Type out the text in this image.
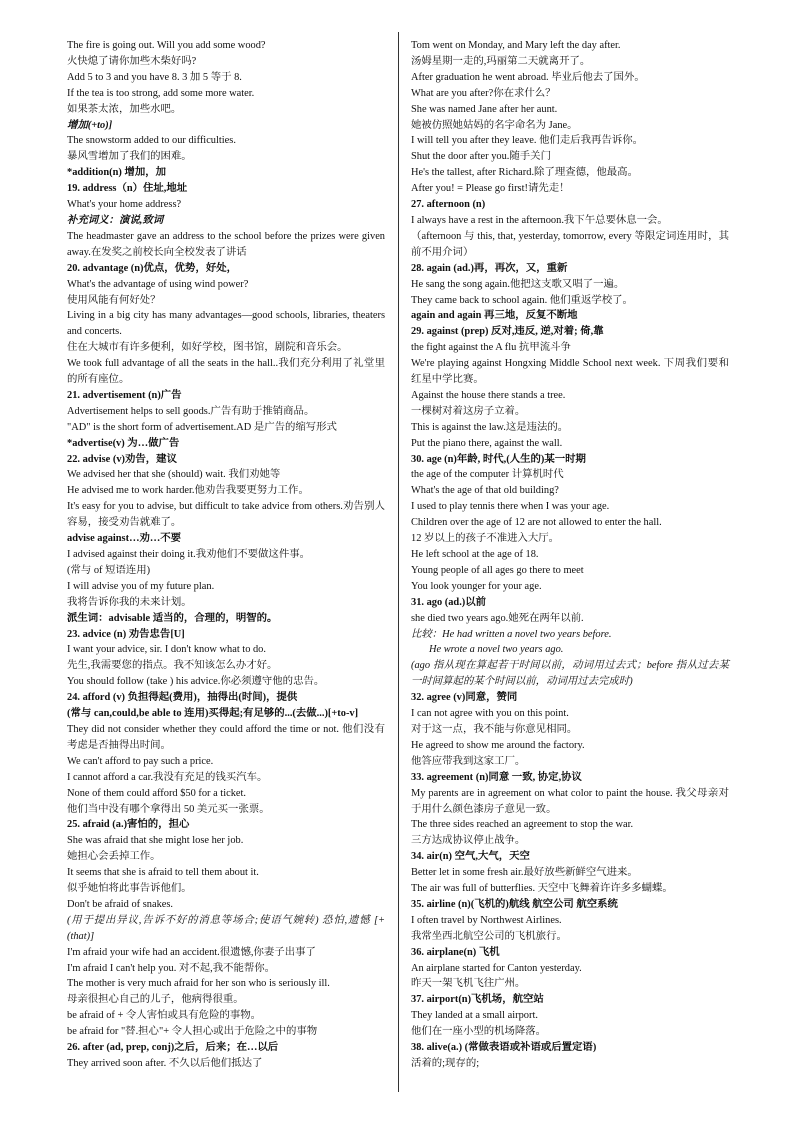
The fire is going out. Will you add some wood?

火快熄了请你加些木柴好吗?

Add 5 to 3 and you have 8. 3 加 5 等于 8.

If the tea is too strong, add some more water.

如果茶太浓，加些水吧。

增加(+to)]

The snowstorm added to our difficulties.

暴风雪增加了我们的困难。

*addition(n) 增加，加

19. address（n）住址,地址

What's your home address?

补充词义：演说,致词

The headmaster gave an address to the school before the prizes were given away.在发奖之前校长向全校发表了讲话

20. advantage (n)优点，优势，好处，

What's the advantage of using wind power?

使用风能有何好处？

Living in a big city has many advantages—good schools, libraries, theaters and concerts.

住在大城市有许多便利，如好学校，图书馆，剧院和音乐会。

We took full advantage of all the seats in the hall..我们充分利用了礼堂里的所有座位。

21. advertisement (n)广告

Advertisement helps to sell goods.广告有助于推销商品。

"AD" is the short form of advertisement.AD 是广告的缩写形式

*advertise(v) 为…做广告

22. advise (v)劝告，建议

We advised her that she (should) wait. 我们劝她等

He advised me to work harder.他劝告我要更努力工作。

It's easy for you to advise, but difficult to take advice from others.劝告别人容易，接受劝告就难了。

advise against…劝…不要

I advised against their doing it.我劝他们不要做这件事。

(常与 of 短语连用)

I will advise you of my future plan.

我将告诉你我的未来计划。

派生词：advisable 适当的，合理的，明智的。

23. advice (n) 劝告忠告[U]

I want your advice, sir. I don't know what to do.

先生,我需要您的指点。我不知该怎么办才好。

You should follow (take ) his advice.你必须遵守他的忠告。

24. afford (v) 负担得起(费用)，抽得出(时间)，提供

(常与 can,could,be able to 连用)买得起;有足够的...(去做...)[+to-v]

They did not consider whether they could afford the time or not. 他们没有考虑是否抽得出时间。

We can't afford to pay such a price.

I cannot afford a car.我没有充足的钱买汽车。

None of them could afford $50 for a ticket.

他们当中没有哪个拿得出 50 美元买一张票。

25. afraid (a.)害怕的，担心

She was afraid that she might lose her job.

她担心会丢掉工作。

It seems that she is afraid to tell them about it.

似乎她怕将此事告诉他们。

Don't be afraid of snakes.

(用于提出异议,告诉不好的消息等场合;使语气婉转) 恐怕,遗憾 [+(that)]

I'm afraid your wife had an accident.很遗憾,你妻子出事了

I'm afraid I can't help you. 对不起,我不能帮你。

The mother is very much afraid for her son who is seriously ill.

母亲很担心自己的儿子，他病得很重。

be afraid of + 令人害怕或具有危险的事物。

be afraid for "替.担心"+ 令人担心或出于危险之中的事物

26. after (ad, prep, conj)之后，后来；在…以后

They arrived soon after. 不久以后他们抵达了

Tom went on Monday, and Mary left the day after.

汤姆星期一走的,玛丽第二天就离开了。

After graduation he went abroad. 毕业后他去了国外。

What are you after?你在求什么？

She was named Jane after her aunt.

她被仿照她姑妈的名字命名为 Jane。

I will tell you after they leave. 他们走后我再告诉你。

Shut the door after you.随手关门

He's the tallest, after Richard.除了理查德，他最高。

After you! = Please go first!请先走！

27. afternoon (n)

I always have a rest in the afternoon.我下午总要休息一会。

（afternoon 与 this, that, yesterday, tomorrow, every 等限定词连用时，其前不用介词）

28. again (ad.)再，再次，又，重新

He sang the song again.他把这支歌又唱了一遍。

They came back to school again. 他们重返学校了。

again and again 再三地，反复不断地

29. against (prep) 反对,违反, 逆,对着; 倚,靠

the fight against the A flu 抗甲流斗争

We're playing against Hongxing Middle School next week. 下周我们要和红星中学比赛。

Against the house there stands a tree.

一棵树对着这房子立着。

This is against the law.这是违法的。

Put the piano there, against the wall.

30. age (n)年龄, 时代,(人生的)某一时期

the age of the computer 计算机时代

What's the age of that old building?

I used to play tennis there when I was your age.

Children over the age of 12 are not allowed to enter the hall.

12 岁以上的孩子不准进入大厅。

He left school at the age of 18.

Young people of all ages go there to meet

You look younger for your age.

31. ago (ad.)以前

she died two years ago.她死在两年以前.

比较：He had written a novel two years before.

He wrote a novel two years ago.

(ago 指从现在算起若干时间以前，动词用过去式；before 指从过去某一时间算起的某个时间以前，动词用过去完成时)

32. agree (v)同意，赞同

I can not agree with you on this point.

对于这一点，我不能与你意见相同。

He agreed to show me around the factory.

他答应带我到这家工厂。

33. agreement (n)同意 一致, 协定,协议

My parents are in agreement on what color to paint the house. 我父母亲对于用什么颜色漆房子意见一致。

The three sides reached an agreement to stop the war.

三方达成协议停止战争。

34. air(n) 空气,大气，天空

Better let in some fresh air.最好放些新鲜空气进来。

The air was full of butterflies. 天空中飞舞着许许多多蝴蝶。

35. airline (n)(飞机的)航线 航空公司 航空系统

I often travel by Northwest Airlines.

我常坐西北航空公司的飞机旅行。

36. airplane(n) 飞机

An airplane started for Canton yesterday.

昨天一架飞机飞往广州。

37. airport(n)飞机场，航空站

They landed at a small airport.

他们在一座小型的机场降落。

38. alive(a.) (常做表语或补语或后置定语)

活着的;现存的;
